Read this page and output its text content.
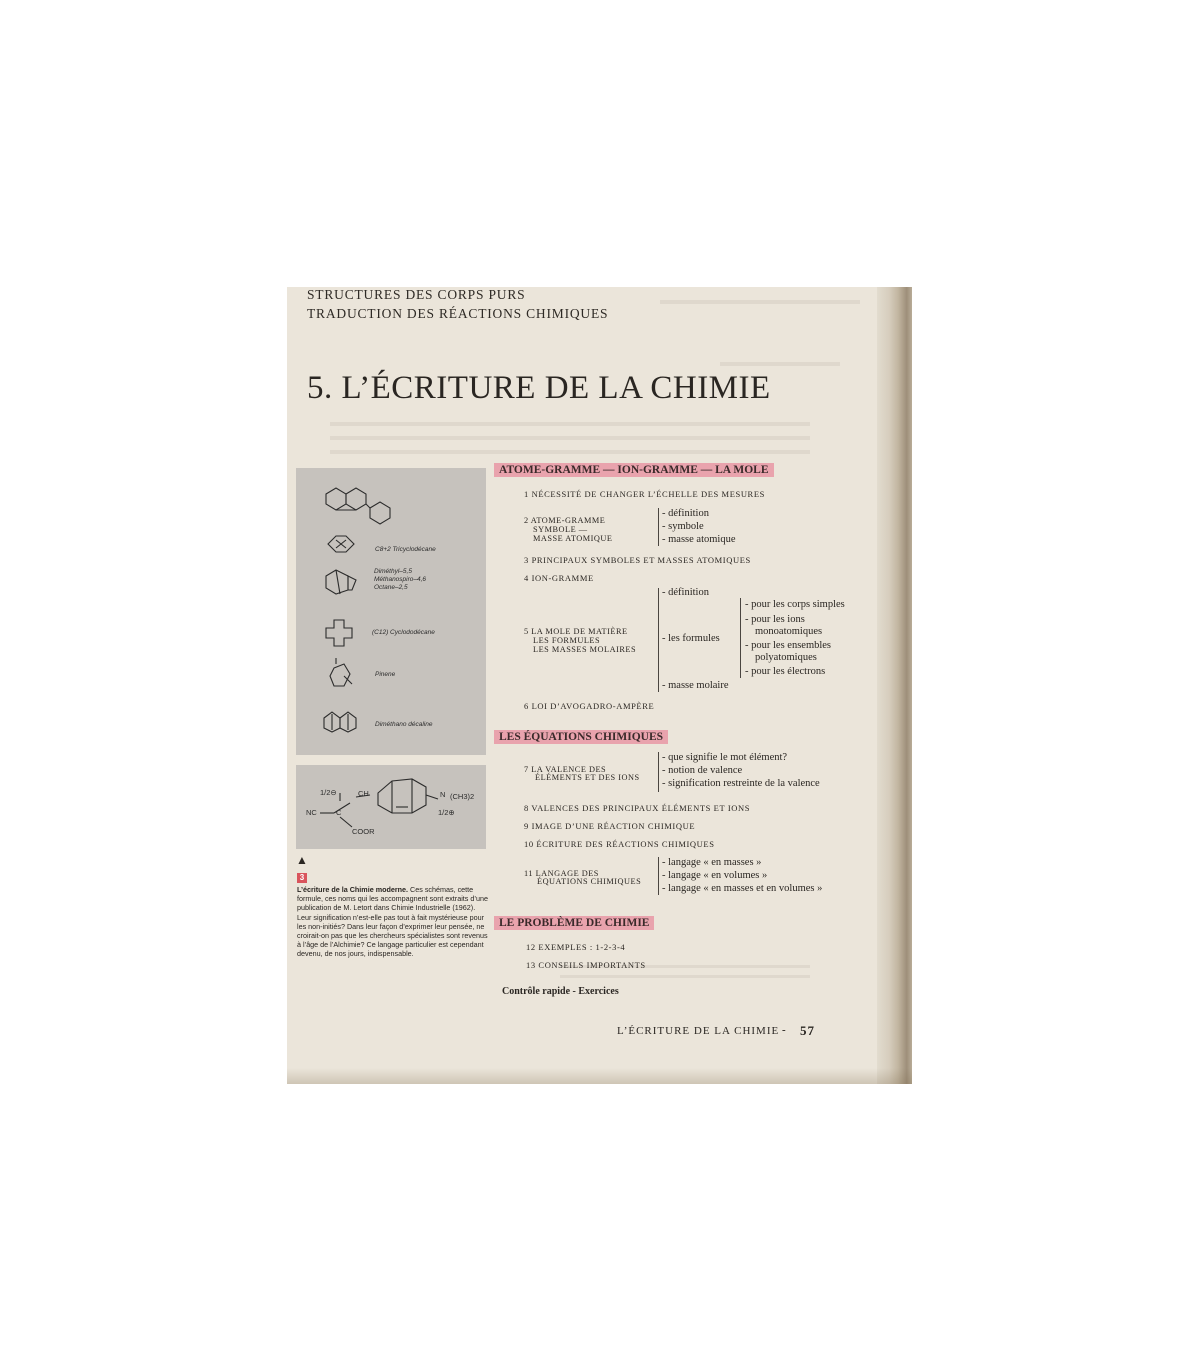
STRUCTURES DES CORPS PURS
TRADUCTION DES RÉACTIONS CHIMIQUES
5. L’ÉCRITURE DE LA CHIMIE
C8+2 Tricyclodécane
Diméthyl–5,5
Méthanospiro–4,6
Octane–2,5
(C12) Cyclododécane
Pinene
Diméthano décaline
1/2⊖	CH
NC	C
COOR
N (CH3)2
1/2⊕
▲
3
L’écriture de la Chimie moderne. Ces schémas, cette formule, ces noms qui les accompagnent sont extraits d’une publication de M. Letort dans Chimie Industrielle (1962). Leur signification n’est-elle pas tout à fait mystérieuse pour les non-initiés? Dans leur façon d’exprimer leur pensée, ne croirait-on pas que les chercheurs spécialistes sont revenus à l’âge de l’Alchimie? Ce langage particulier est cependant devenu, de nos jours, indispensable.
ATOME-GRAMME — ION-GRAMME — LA MOLE
1 NÉCESSITÉ DE CHANGER L’ÉCHELLE DES MESURES
2 ATOME-GRAMME
SYMBOLE —
MASSE ATOMIQUE
- définition
- symbole
- masse atomique
3 PRINCIPAUX SYMBOLES ET MASSES ATOMIQUES
4 ION-GRAMME
5 LA MOLE DE MATIÈRE
LES FORMULES
LES MASSES MOLAIRES
- définition
- les formules
- masse molaire
- pour les corps simples
- pour les ions
monoatomiques
- pour les ensembles
polyatomiques
- pour les électrons
6 LOI D’AVOGADRO-AMPÈRE
LES ÉQUATIONS CHIMIQUES
7 LA VALENCE DES
ÉLÉMENTS ET DES IONS
- que signifie le mot élément?
- notion de valence
- signification restreinte de la valence
8 VALENCES DES PRINCIPAUX ÉLÉMENTS ET IONS
9 IMAGE D’UNE RÉACTION CHIMIQUE
10 ÉCRITURE DES RÉACTIONS CHIMIQUES
11 LANGAGE DES
ÉQUATIONS CHIMIQUES
- langage « en masses »
- langage « en volumes »
- langage « en masses et en volumes »
LE PROBLÈME DE CHIMIE
12 EXEMPLES : 1-2-3-4
13 CONSEILS IMPORTANTS
Contrôle rapide - Exercices
L’ÉCRITURE DE LA CHIMIE - 57
